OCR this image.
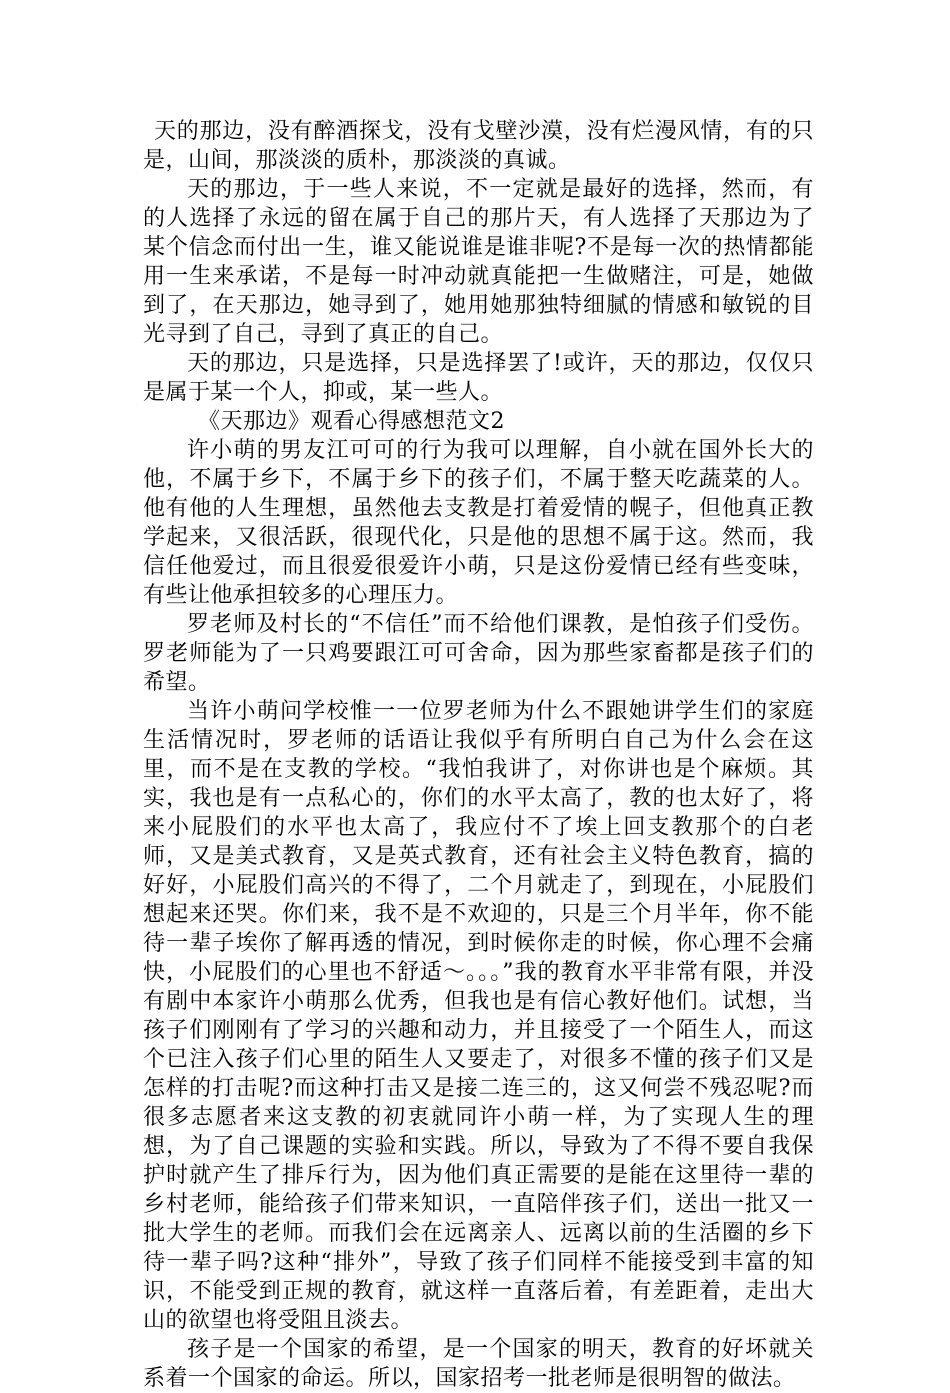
天的那边，没有醉酒探戈，没有戈壁沙漠，没有烂漫风情，有的只是，山间，那淡淡的质朴，那淡淡的真诚。

天的那边，于一些人来说，不一定就是最好的选择，然而，有的人选择了永远的留在属于自己的那片天，有人选择了天那边为了某个信念而付出一生，谁又能说谁是谁非呢?不是每一次的热情都能用一生来承诺，不是每一时冲动就真能把一生做赌注，可是，她做到了，在天那边，她寻到了，她用她那独特细腻的情感和敏锐的目光寻到了自己，寻到了真正的自己。

天的那边，只是选择，只是选择罢了!或许，天的那边，仅仅只是属于某一个人，抑或，某一些人。

《天那边》观看心得感想范文2

许小萌的男友江可可的行为我可以理解，自小就在国外长大的他，不属于乡下，不属于乡下的孩子们，不属于整天吃蔬菜的人。他有他的人生理想，虽然他去支教是打着爱情的幌子，但他真正教学起来，又很活跃，很现代化，只是他的思想不属于这。然而，我信任他爱过，而且很爱很爱许小萌，只是这份爱情已经有些变味，有些让他承担较多的心理压力。

罗老师及村长的“不信任”而不给他们课教，是怕孩子们受伤。罗老师能为了一只鸡要跟江可可舍命，因为那些家畜都是孩子们的希望。

当许小萌问学校惟一一位罗老师为什么不跟她讲学生们的家庭生活情况时，罗老师的话语让我似乎有所明白自己为什么会在这里，而不是在支教的学校。“我怕我讲了，对你讲也是个麻烦。其实，我也是有一点私心的，你们的水平太高了，教的也太好了，将来小屁股们的水平也太高了，我应付不了埃上回支教那个的白老师，又是美式教育，又是英式教育，还有社会主义特色教育，搞的好好，小屁股们高兴的不得了，二个月就走了，到现在，小屁股们想起来还哭。你们来，我不是不欢迎的，只是三个月半年，你不能待一辈子埃你了解再透的情况，到时候你走的时候，你心理不会痛快，小屁股们的心里也不舒适～。。。”我的教育水平非常有限，并没有剧中本家许小萌那么优秀，但我也是有信心教好他们。试想，当孩子们刚刚有了学习的兴趣和动力，并且接受了一个陌生人，而这个已注入孩子们心里的陌生人又要走了，对很多不懂的孩子们又是怎样的打击呢?而这种打击又是接二连三的，这又何尝不残忍呢?而很多志愿者来这支教的初衷就同许小萌一样，为了实现人生的理想，为了自己课题的实验和实践。所以，导致为了不得不要自我保护时就产生了排斥行为，因为他们真正需要的是能在这里待一辈的乡村老师，能给孩子们带来知识，一直陪伴孩子们，送出一批又一批大学生的老师。而我们会在远离亲人、远离以前的生活圈的乡下待一辈子吗?这种“排外”，导致了孩子们同样不能接受到丰富的知识，不能受到正规的教育，就这样一直落后着，有差距着，走出大山的欲望也将受阻且淡去。

孩子是一个国家的希望，是一个国家的明天，教育的好坏就关系着一个国家的命运。所以，国家招考一批老师是很明智的做法。
